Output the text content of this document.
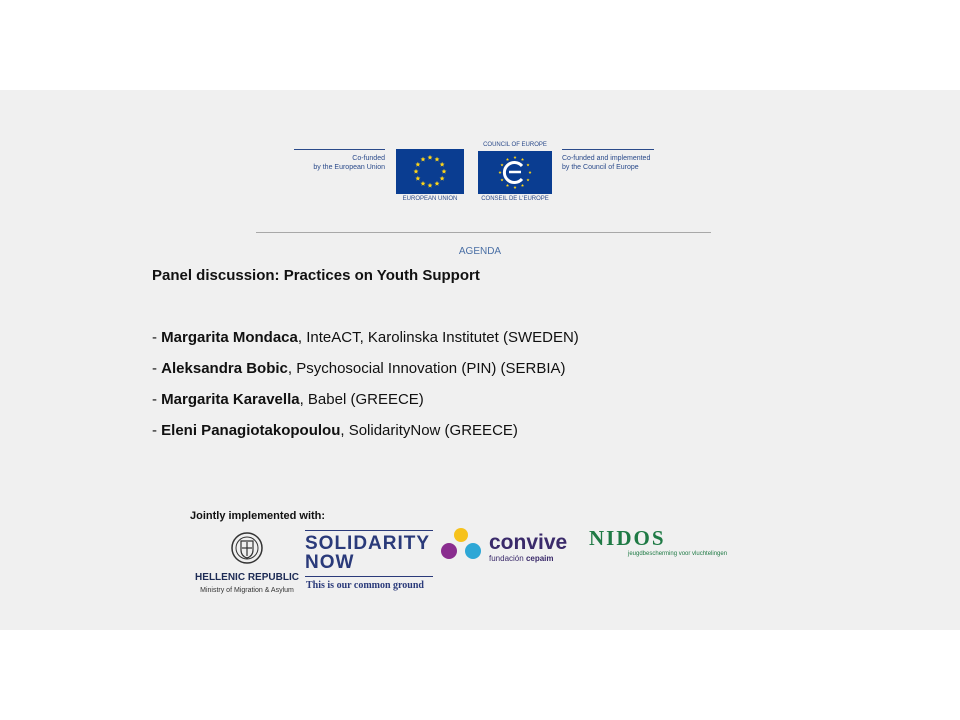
Co-funded
by the European Union
EUROPEAN UNION
COUNCIL OF EUROPE
CONSEIL DE L'EUROPE
Co-funded and implemented
by the Council of Europe
AGENDA
Panel discussion: Practices on Youth Support
- Margarita Mondaca, InteACT, Karolinska Institutet (SWEDEN)
- Aleksandra Bobic, Psychosocial Innovation (PIN) (SERBIA)
- Margarita Karavella, Babel (GREECE)
- Eleni Panagiotakopoulou, SolidarityNow (GREECE)
Jointly implemented with:
HELLENIC REPUBLIC
Ministry of Migration & Asylum
SOLIDARITY
NOW
This is our common ground
convive
fundación cepaim
NIDOS
jeugdbescherming voor vluchtelingen
